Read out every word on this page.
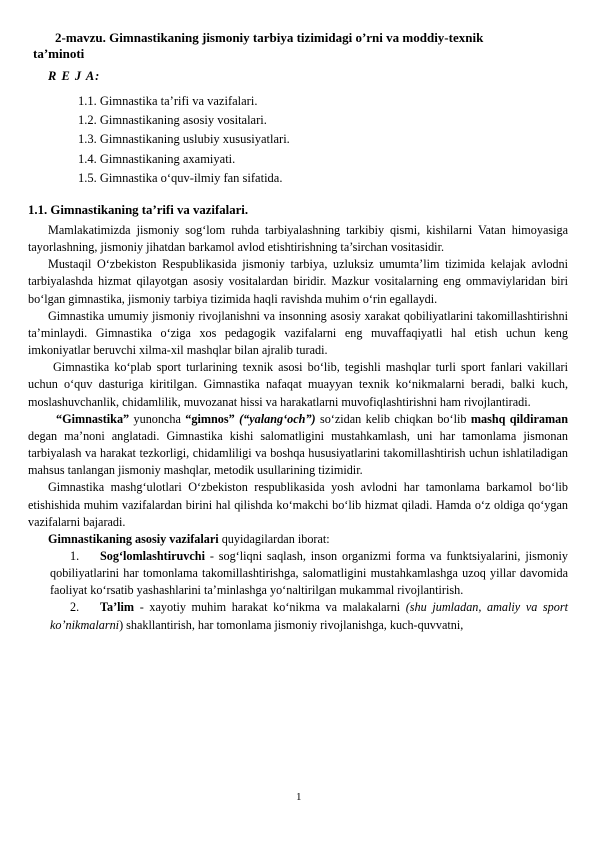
2-mavzu. Gimnastikaning jismoniy tarbiya tizimidagi o’rni va moddiy-texnik
ta’minoti
R E J A:
1.1. Gimnastika ta’rifi va vazifalari.
1.2. Gimnastikaning asosiy vositalari.
1.3. Gimnastikaning uslubiy xususiyatlari.
1.4. Gimnastikaning axamiyati.
1.5. Gimnastika o‘quv-ilmiy fan sifatida.
1.1. Gimnastikaning ta’rifi va vazifalari.

Mamlakatimizda jismoniy sog‘lom ruhda tarbiyalashning tarkibiy qismi, kishilarni Vatan himoyasiga tayorlashning, jismoniy jihatdan barkamol avlod etishtirishning ta’sirchan vositasidir.

Mustaqil O‘zbekiston Respublikasida jismoniy tarbiya, uzluksiz umumta’lim tizimida kelajak avlodni tarbiyalashda hizmat qilayotgan asosiy vositalardan biridir. Mazkur vositalarning eng ommaviylaridan biri bo‘lgan gimnastika, jismoniy tarbiya tizimida haqli ravishda muhim o‘rin egallaydi.

Gimnastika umumiy jismoniy rivojlanishni va insonning asosiy xarakat qobiliyatlarini takomillashtirishni ta’minlaydi. Gimnastika o‘ziga xos pedagogik vazifalarni eng muvaffaqiyatli hal etish uchun keng imkoniyatlar beruvchi xilma-xil mashqlar bilan ajralib turadi.

Gimnastika ko‘plab sport turlarining texnik asosi bo‘lib, tegishli mashqlar turli sport fanlari vakillari uchun o‘quv dasturiga kiritilgan. Gimnastika nafaqat muayyan texnik ko‘nikmalarni beradi, balki kuch, moslashuvchanlik, chidamlilik, muvozanat hissi va harakatlarni muvofiqlashtirishni ham rivojlantiradi.

“Gimnastika” yunoncha “gimnos” (“yalang‘och”) so‘zidan kelib chiqkan bo‘lib mashq qildiraman degan ma’noni anglatadi. Gimnastika kishi salomatligini mustahkamlash, uni har tamonlama jismonan tarbiyalash va harakat tezkorligi, chidamliligi va boshqa hususiyatlarini takomillashtirish uchun ishlatiladigan mahsus tanlangan jismoniy mashqlar, metodik usullarining tizimidir.

Gimnastika mashg‘ulotlari O‘zbekiston respublikasida yosh avlodni har tamonlama barkamol bo‘lib etishishida muhim vazifalardan birini hal qilishda ko‘makchi bo‘lib hizmat qiladi. Hamda o‘z oldiga qo‘ygan vazifalarni bajaradi.

Gimnastikaning asosiy vazifalari quyidagilardan iborat:

1. Sog‘lomlashtiruvchi - sog‘liqni saqlash, inson organizmi forma va funktsiyalarini, jismoniy qobiliyatlarini har tomonlama takomillashtirishga, salomatligini mustahkamlashga uzoq yillar davomida faoliyat ko‘rsatib yashashlarini ta’minlashga yo‘naltirilgan mukammal rivojlantirish.

2. Ta’lim - xayotiy muhim harakat ko‘nikma va malakalarni (shu jumladan, amaliy va sport ko’nikmalarni) shakllantirish, har tomonlama jismoniy rivojlanishga, kuch-quvvatni,

1
